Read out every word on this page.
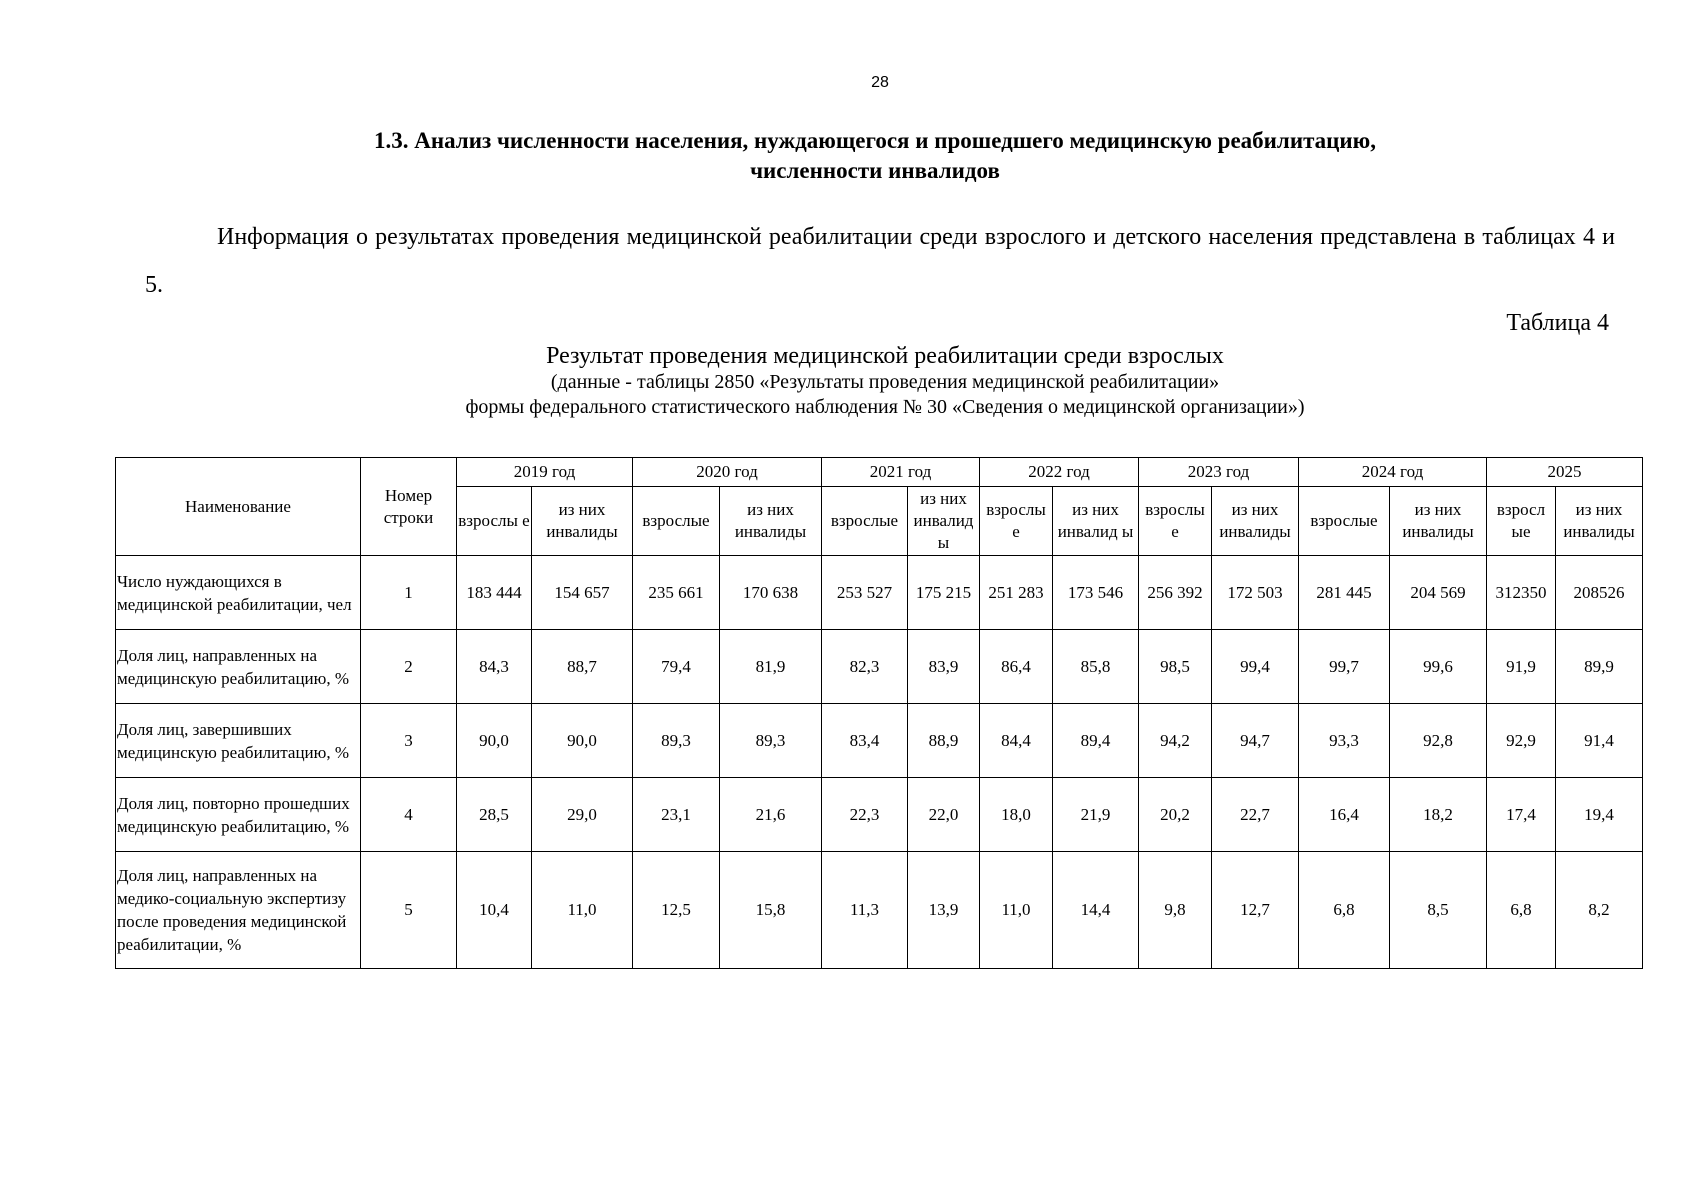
28
1.3. Анализ численности населения, нуждающегося и прошедшего медицинскую реабилитацию,
численности инвалидов
Информация о результатах проведения медицинской реабилитации среди взрослого и детского населения представлена в таблицах 4 и 5.
Таблица 4
Результат проведения медицинской реабилитации среди взрослых
(данные - таблицы 2850 «Результаты проведения медицинской реабилитации»
формы федерального статистического наблюдения № 30 «Сведения о медицинской организации»)
Наименование	Номер строки	2019 год		2020 год		2021 год		2022 год		2023 год		2024 год		2025	
		взрослы е	из них инвалиды	взрослые	из них инвалиды	взрослые	из них инвалид ы	взрослы е	из них инвалид ы	взрослы е	из них инвалиды	взрослые	из них инвалиды	взросл ые	из них инвалиды
Число нуждающихся в медицинской реабилитации, чел	1	183 444	154 657	235 661	170 638	253 527	175 215	251 283	173 546	256 392	172 503	281 445	204 569	312350	208526
Доля лиц, направленных на медицинскую реабилитацию, %	2	84,3	88,7	79,4	81,9	82,3	83,9	86,4	85,8	98,5	99,4	99,7	99,6	91,9	89,9
Доля лиц, завершивших медицинскую реабилитацию, %	3	90,0	90,0	89,3	89,3	83,4	88,9	84,4	89,4	94,2	94,7	93,3	92,8	92,9	91,4
Доля лиц, повторно прошедших медицинскую реабилитацию, %	4	28,5	29,0	23,1	21,6	22,3	22,0	18,0	21,9	20,2	22,7	16,4	18,2	17,4	19,4
Доля лиц, направленных на медико-социальную экспертизу после проведения медицинской реабилитации, %	5	10,4	11,0	12,5	15,8	11,3	13,9	11,0	14,4	9,8	12,7	6,8	8,5	6,8	8,2
